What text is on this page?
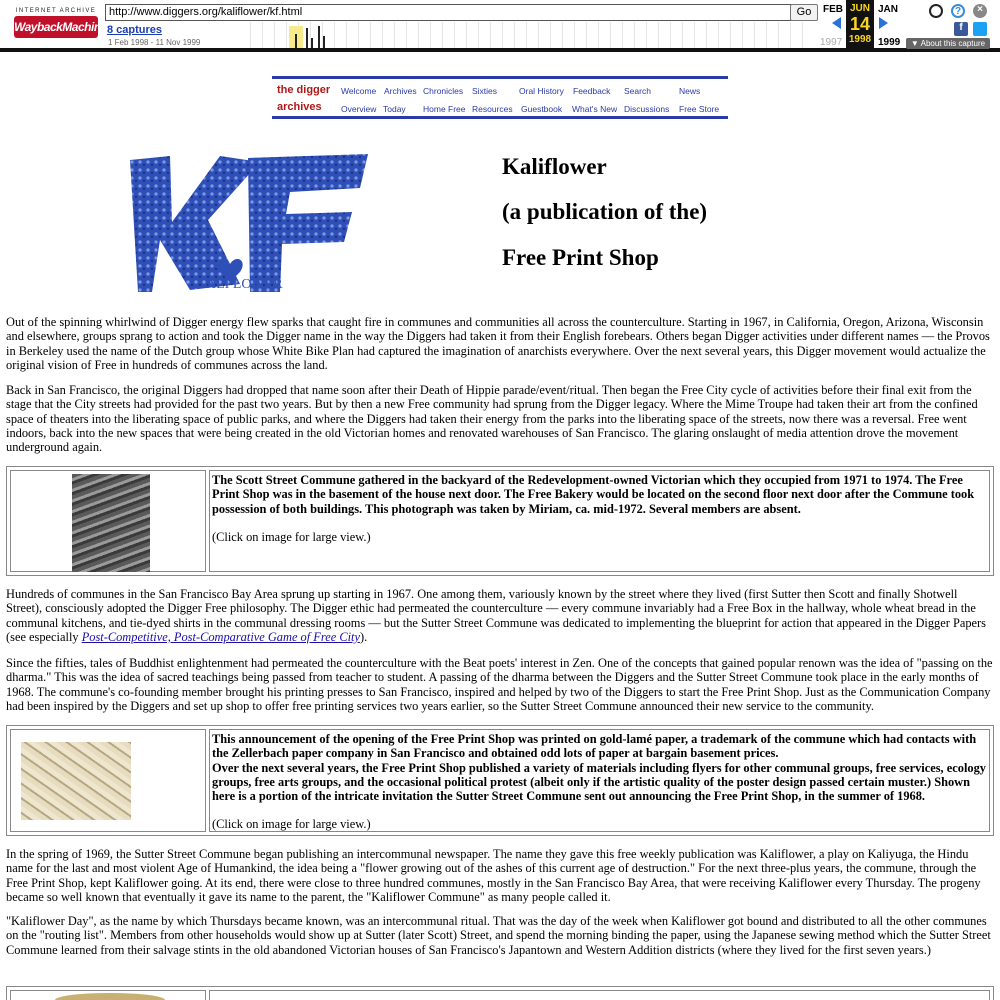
INTERNET ARCHIVE
WaybackMachine
http://www.diggers.org/kaliflower/kf.html	Go
8 captures
1 Feb 1998 - 11 Nov 1999
FEB
1997
JUN
14
1998
JAN
1999
?	×
f
▼ About this capture
the digger
archives
Welcome Archives Chronicles Sixties	Oral History Feedback Search	News
Overview Today Home Free Resources Guestbook What's New Discussions Free Store
ALI LOWER
Kaliflower
(a publication of the)
Free Print Shop

Out of the spinning whirlwind of Digger energy flew sparks that caught fire in communes and communities all across the counterculture. Starting in 1967, in California, Oregon, Arizona, Wisconsin and elsewhere, groups sprang to action and took the Digger name in the way the Diggers had taken it from their English forebears. Others began Digger activities under different names — the Provos in Berkeley used the name of the Dutch group whose White Bike Plan had captured the imagination of anarchists everywhere. Over the next several years, this Digger movement would actualize the original vision of Free in hundreds of communes across the land.

Back in San Francisco, the original Diggers had dropped that name soon after their Death of Hippie parade/event/ritual. Then began the Free City cycle of activities before their final exit from the stage that the City streets had provided for the past two years. But by then a new Free community had sprung from the Digger legacy. Where the Mime Troupe had taken their art from the confined space of theaters into the liberating space of public parks, and where the Diggers had taken their energy from the parks into the liberating space of the streets, now there was a reversal. Free went indoors, back into the new spaces that were being created in the old Victorian homes and renovated warehouses of San Francisco. The glaring onslaught of media attention drove the movement underground again.

The Scott Street Commune gathered in the backyard of the Redevelopment-owned Victorian which they occupied from 1971 to 1974. The Free Print Shop was in the basement of the house next door. The Free Bakery would be located on the second floor next door after the Commune took possession of both buildings. This photograph was taken by Miriam, ca. mid-1972. Several members are absent.
(Click on image for large view.)

Hundreds of communes in the San Francisco Bay Area sprung up starting in 1967. One among them, variously known by the street where they lived (first Sutter then Scott and finally Shotwell Street), consciously adopted the Digger Free philosophy. The Digger ethic had permeated the counterculture — every commune invariably had a Free Box in the hallway, whole wheat bread in the communal kitchens, and tie-dyed shirts in the communal dressing rooms — but the Sutter Street Commune was dedicated to implementing the blueprint for action that appeared in the Digger Papers (see especially Post-Competitive, Post-Comparative Game of Free City).

Since the fifties, tales of Buddhist enlightenment had permeated the counterculture with the Beat poets' interest in Zen. One of the concepts that gained popular renown was the idea of "passing on the dharma." This was the idea of sacred teachings being passed from teacher to student. A passing of the dharma between the Diggers and the Sutter Street Commune took place in the early months of 1968. The commune's co-founding member brought his printing presses to San Francisco, inspired and helped by two of the Diggers to start the Free Print Shop. Just as the Communication Company had been inspired by the Diggers and set up shop to offer free printing services two years earlier, so the Sutter Street Commune announced their new service to the community.

This announcement of the opening of the Free Print Shop was printed on gold-lamé paper, a trademark of the commune which had contacts with the Zellerbach paper company in San Francisco and obtained odd lots of paper at bargain basement prices.
Over the next several years, the Free Print Shop published a variety of materials including flyers for other communal groups, free services, ecology groups, free arts groups, and the occasional political protest (albeit only if the artistic quality of the poster design passed certain muster.) Shown here is a portion of the intricate invitation the Sutter Street Commune sent out announcing the Free Print Shop, in the summer of 1968.
(Click on image for large view.)

In the spring of 1969, the Sutter Street Commune began publishing an intercommunal newspaper. The name they gave this free weekly publication was Kaliflower, a play on Kaliyuga, the Hindu name for the last and most violent Age of Humankind, the idea being a "flower growing out of the ashes of this current age of destruction." For the next three-plus years, the commune, through the Free Print Shop, kept Kaliflower going. At its end, there were close to three hundred communes, mostly in the San Francisco Bay Area, that were receiving Kaliflower every Thursday. The progeny became so well known that eventually it gave its name to the parent, the "Kaliflower Commune" as many people called it.

"Kaliflower Day", as the name by which Thursdays became known, was an intercommunal ritual. That was the day of the week when Kaliflower got bound and distributed to all the other communes on the "routing list". Members from other households would show up at Sutter (later Scott) Street, and spend the morning binding the paper, using the Japanese sewing method which the Sutter Street Commune learned from their salvage stints in the old abandoned Victorian houses of San Francisco's Japantown and Western Addition districts (where they lived for the first seven years.)
